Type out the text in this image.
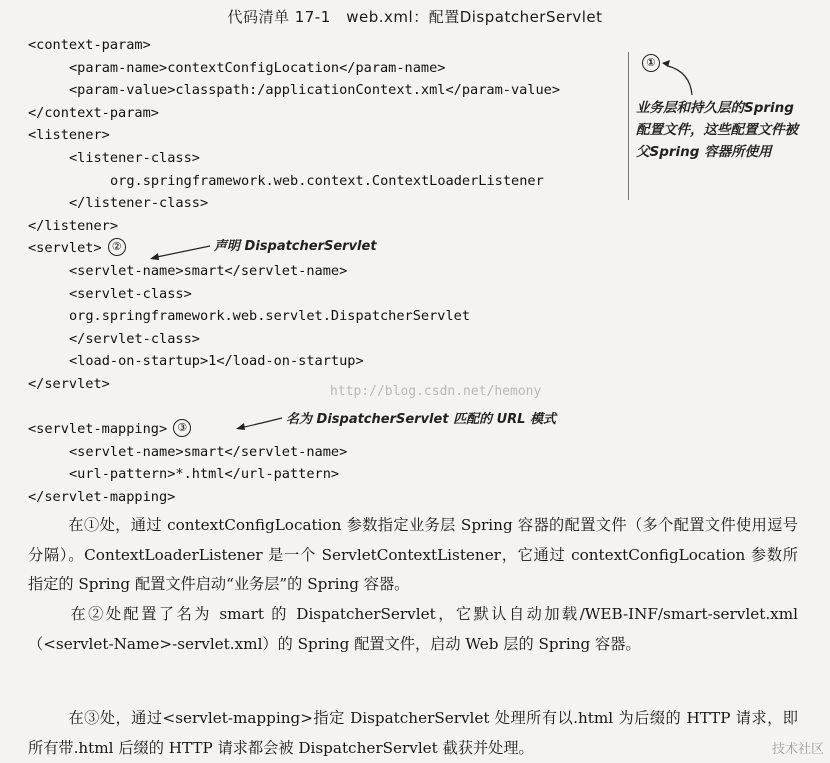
代码清单 17-1　web.xml：配置DispatcherServlet
<context-param>
<param-name>contextConfigLocation</param-name>
<param-value>classpath:/applicationContext.xml</param-value>
</context-param>
<listener>
<listener-class>
org.springframework.web.context.ContextLoaderListener
</listener-class>
</listener>
<servlet> ②
<servlet-name>smart</servlet-name>
<servlet-class>
org.springframework.web.servlet.DispatcherServlet
</servlet-class>
<load-on-startup>1</load-on-startup>
</servlet>
<servlet-mapping> ③
<servlet-name>smart</servlet-name>
<url-pattern>*.html</url-pattern>
</servlet-mapping>
①
业务层和持久层的Spring 配置文件，这些配置文件被父Spring 容器所使用
声明 DispatcherServlet
名为 DispatcherServlet 匹配的 URL 模式
http://blog.csdn.net/hemony
在①处，通过 contextConfigLocation 参数指定业务层 Spring 容器的配置文件（多个配置文件使用逗号分隔）。ContextLoaderListener 是一个 ServletContextListener，它通过 contextConfigLocation 参数所指定的 Spring 配置文件启动“业务层”的 Spring 容器。
在②处配置了名为 smart 的 DispatcherServlet，它默认自动加载/WEB-INF/smart-servlet.xml（<servlet-Name>-servlet.xml）的 Spring 配置文件，启动 Web 层的 Spring 容器。
在③处，通过<servlet-mapping>指定 DispatcherServlet 处理所有以.html 为后缀的 HTTP 请求，即所有带.html 后缀的 HTTP 请求都会被 DispatcherServlet 截获并处理。	技术社区
